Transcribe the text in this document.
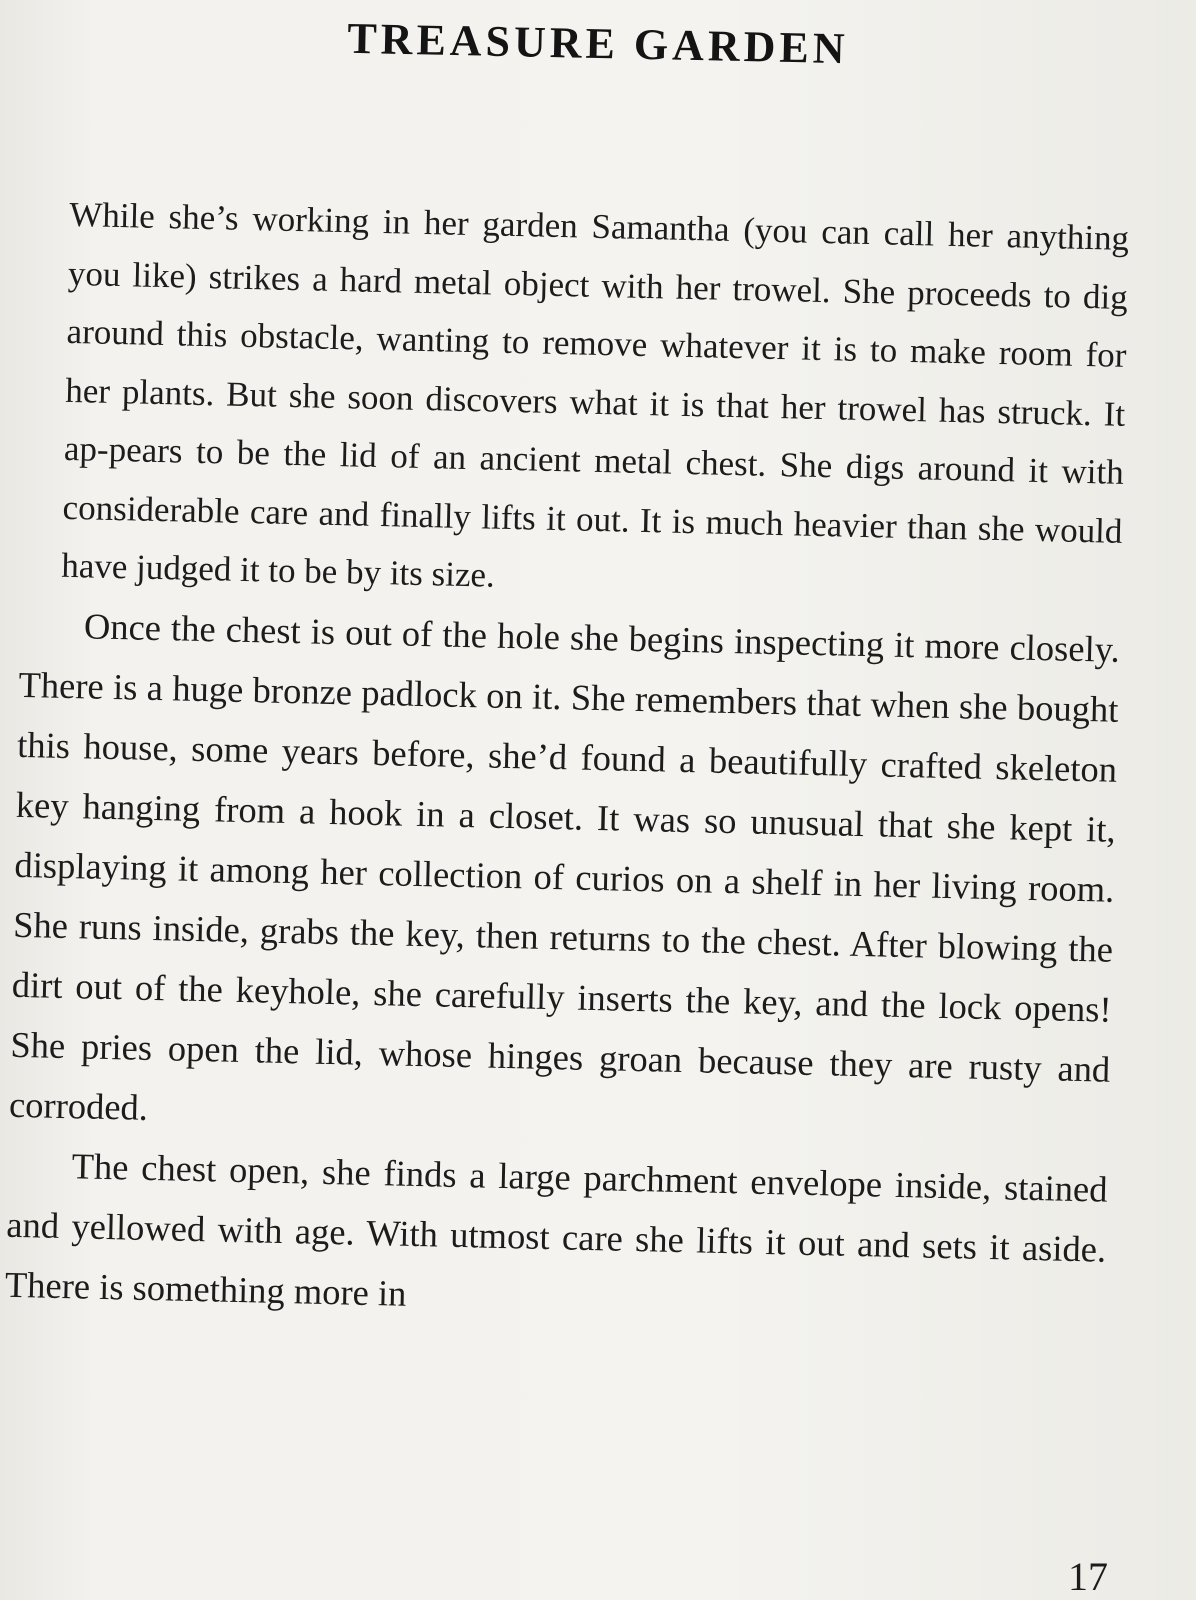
TREASURE GARDEN

While she’s working in her garden Samantha (you can call her anything you like) strikes a hard metal object with her trowel. She proceeds to dig around this obstacle, wanting to remove whatever it is to make room for her plants. But she soon discovers what it is that her trowel has struck. It ap-pears to be the lid of an ancient metal chest. She digs around it with considerable care and finally lifts it out. It is much heavier than she would have judged it to be by its size.

Once the chest is out of the hole she begins inspecting it more closely. There is a huge bronze padlock on it. She remembers that when she bought this house, some years before, she’d found a beautifully crafted skeleton key hanging from a hook in a closet. It was so unusual that she kept it, displaying it among her collection of curios on a shelf in her living room. She runs inside, grabs the key, then returns to the chest. After blowing the dirt out of the keyhole, she carefully inserts the key, and the lock opens! She pries open the lid, whose hinges groan because they are rusty and corroded.

The chest open, she finds a large parchment envelope inside, stained and yellowed with age. With utmost care she lifts it out and sets it aside. There is something more in

17
